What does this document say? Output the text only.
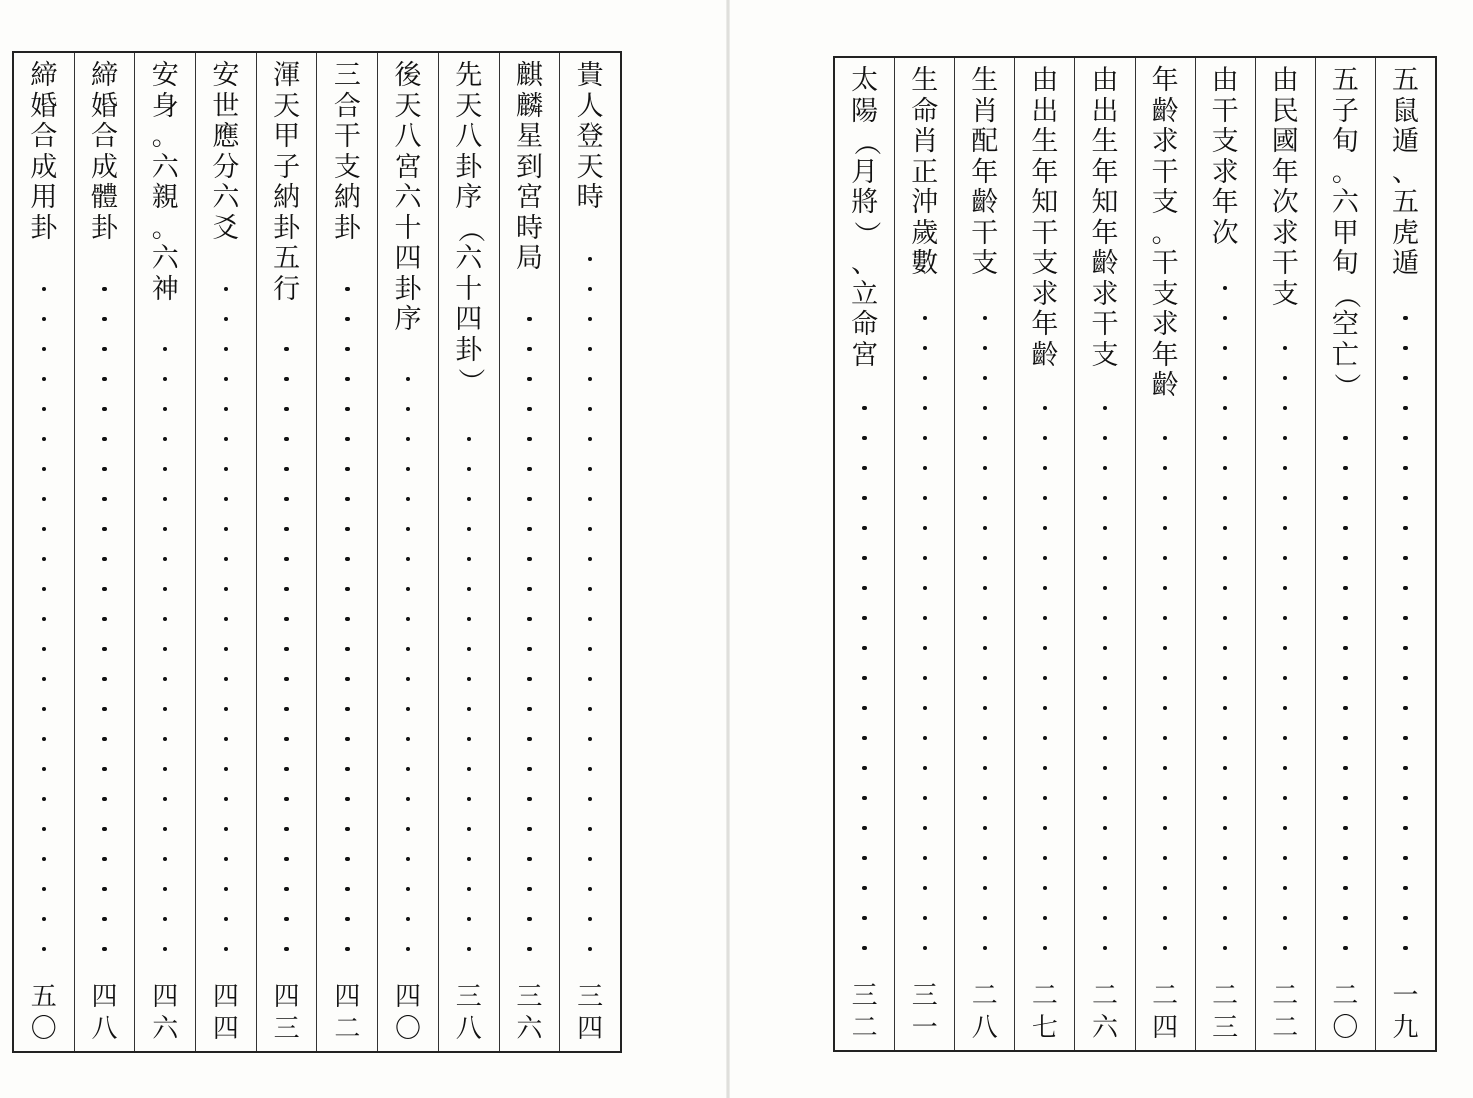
貴
人
登
天
時
三
四
麒
麟
星
到
宮
時
局
三
六
先
天
八
卦
序
（
六
十
四
卦
）
三
八
後
天
八
宮
六
十
四
卦
序
四
〇
三
合
干
支
納
卦
四
二
渾
天
甲
子
納
卦
五
行
四
三
安
世
應
分
六
爻
四
四
安
身
。
六
親
。
六
神
四
六
締
婚
合
成
體
卦
四
八
締
婚
合
成
用
卦
五
〇
五
鼠
遁
、
五
虎
遁
一
九
五
子
旬
。
六
甲
旬
（
空
亡
）
二
〇
由
民
國
年
次
求
干
支
二
二
由
干
支
求
年
次
二
三
年
齡
求
干
支
。
干
支
求
年
齡
二
四
由
出
生
年
知
年
齡
求
干
支
二
六
由
出
生
年
知
干
支
求
年
齡
二
七
生
肖
配
年
齡
干
支
二
八
生
命
肖
正
沖
歲
數
三
一
太
陽
（
月
將
）
、
立
命
宮
三
二
